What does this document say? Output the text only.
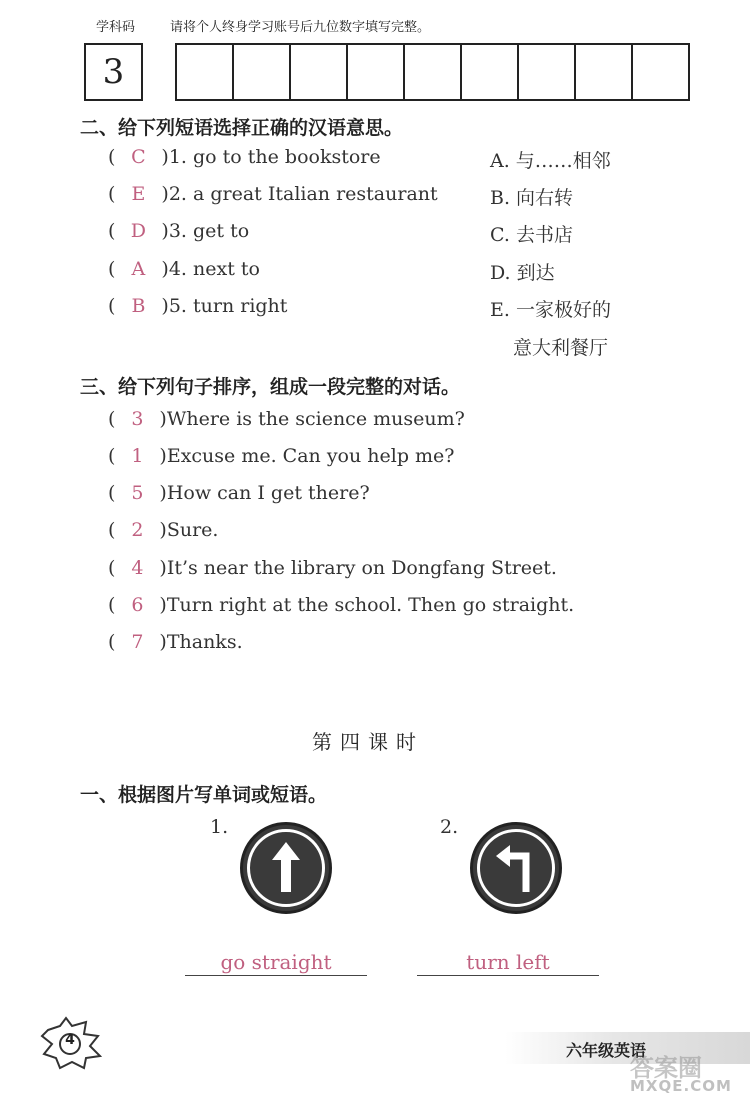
学科码	请将个人终身学习账号后九位数字填写完整。
3
二、给下列短语选择正确的汉语意思。
( C )1. go to the bookstore
( E )2. a great Italian restaurant
( D )3. get to
( A )4. next to
( B )5. turn right
A. 与……相邻
B. 向右转
C. 去书店
D. 到达
E. 一家极好的
意大利餐厅
三、给下列句子排序，组成一段完整的对话。
( 3 )Where is the science museum?
( 1 )Excuse me. Can you help me?
( 5 )How can I get there?
( 2 )Sure.
( 4 )It’s near the library on Dongfang Street.
( 6 )Turn right at the school. Then go straight.
( 7 )Thanks.
第四课时
一、根据图片写单词或短语。
1.	2.
go straight	turn left
4
六年级英语
答案圈
MXQE.COM
